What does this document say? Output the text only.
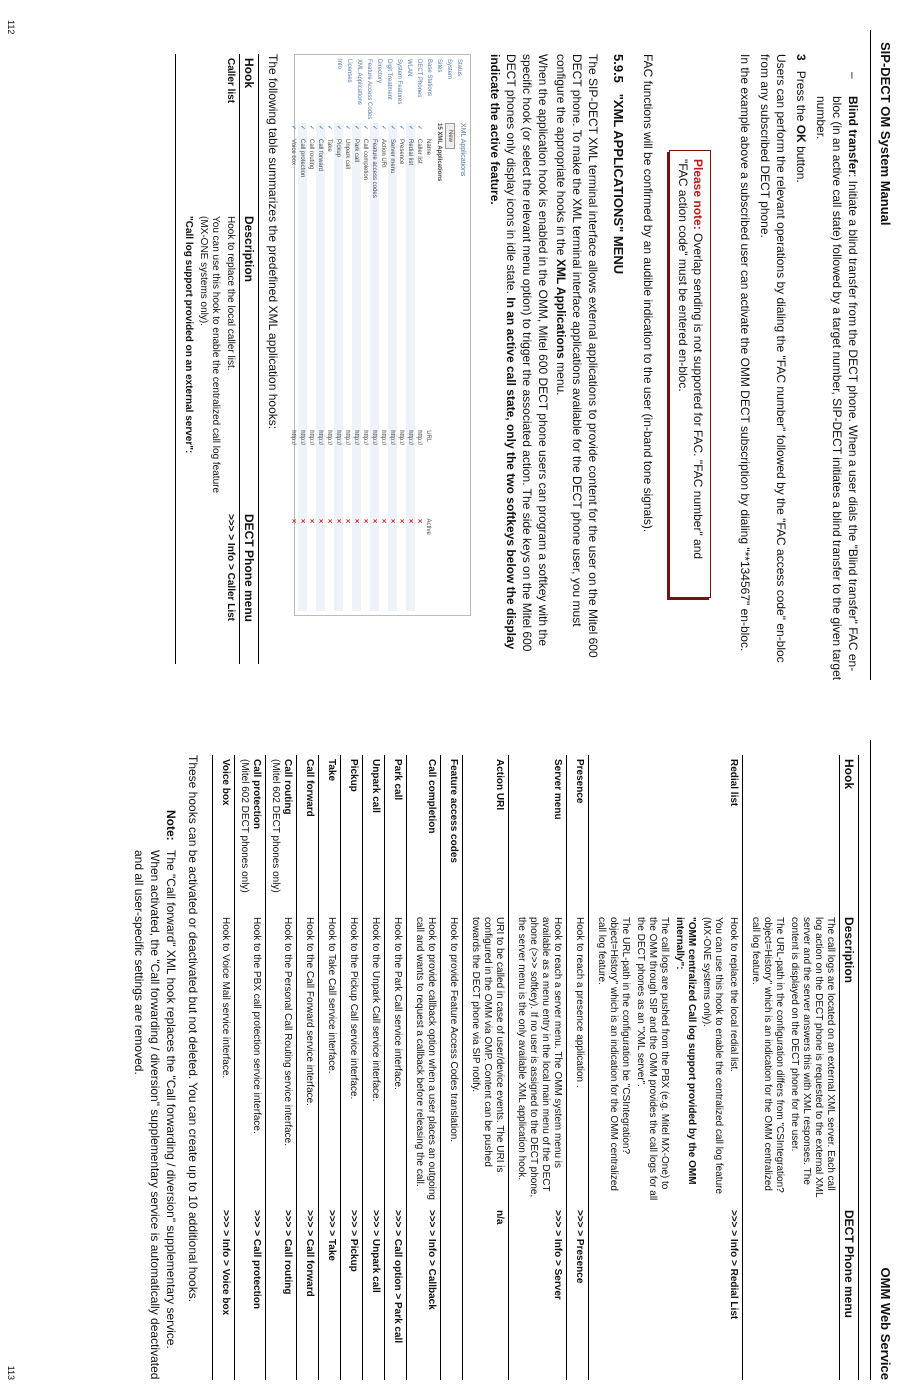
SIP-DECT OM System Manual
–
Blind transfer: Initiate a blind transfer from the DECT phone. When a user dials the "Blind transfer" FAC en-bloc (in an active call state) followed by a target number, SIP-DECT initiates a blind transfer to the given target number.
3   Press the OK button.
Users can perform the relevant operations by dialing the "FAC number" followed by the "FAC access code" en-bloc from any subscribed DECT phone.
In the example above a subscribed user can activate the OMM DECT subscription by dialing "**134567" en-bloc.
Please note: Overlap sending is not supported for FAC. "FAC number" and "FAC action code" must be entered en-bloc.
FAC functions will be confirmed by an audible indication to the user (in-band tone signals).
5.9.5   "XML APPLICATIONS" MENU
The SIP-DECT XML terminal interface allows external applications to provide content for the user on the Mitel 600 DECT phone. To make the XML terminal interface applications available for the DECT phone user, you must configure the appropriate hooks in the XML Applications menu.
When the application hook is enabled in the OMM, Mitel 600 DECT phone users can program a softkey with the specific hook (or select the relevant menu option) to trigger the associated action. The side keys on the Mitel 600 DECT phones only display icons in idle state. In an active call state, only the two softkeys below the display indicate the active feature.
Status
System
Sites
Base Stations
DECT Phones
WLAN
System Features
Digit Treatment
Directory
Feature Access Codes
XML Applications
Licenses
Info
XML Applications
New
15 XML Applications
	Name	URL	Active
✓	Caller list	http://	✕
✓	Redial list	http://	✕
✓	Presence	http://	✕
✓	Server menu	http://	✕
✓	Action URI	http://	✕
✓	Feature access codes	http://	✕
✓	Call completion	http://	✕
✓	Park call	http://	✕
✓	Unpark call	http://	✕
✓	Pickup	http://	✕
✓	Take	http://	✕
✓	Call forward	http://	✕
✓	Call routing	http://	✕
✓	Call protection	http://	✕
✓	Voice box	http://	✕
The following table summarizes the predefined XML application hooks:
Hook	Description	DECT Phone menu
Caller list	Hook to replace the local caller list.
You can use this hook to enable the centralized call log feature (MX-ONE systems only).
"Call log support provided on an external server":	>>> > Info > Caller List
112
OMM Web Service
Hook	Description	DECT Phone menu

	The call logs are located on an external XML server. Each call log action on the DECT phone is requested to the external XML server and the server answers this with XML responses. The content is displayed on the DECT phone for the user.
The URL-path in the configuration differs from "CSIntegration?object=History" which is an indication for the OMM centralized call log feature.	

Redial list	Hook to replace the local redial list.
You can use this hook to enable the centralized call log feature (MX-ONE systems only).
"OMM centralized Call log support provided by the OMM internally":
The call logs are pushed from the PBX (e.g. Mitel MX-One) to the OMM through SIP and the OMM provides the call logs for all the DECT phones as an "XML server".
The URL-path in the configuration be "CSIntegration?object=History" which is an indication for the OMM centralized call log feature.	>>> > Info > Redial List
Presence	Hook to reach a presence application .	>>> > Presence
Server menu	Hook to reach a server menu. The OMM system menu is available as a menu entry in the local main menu of the DECT phone (>>> softkey). If no user is assigned to the DECT phone, the server menu is the only available XML application hook.	>>> > Info > Server
Action URI	URI to be called in case of user/device events. The URI is configured in the OMM via OMP. Content can be pushed towards the DECT phone via SIP notify.	n/a
Feature access codes	Hook to provide Feature Access Codes translation.	

Call completion	Hook to provide callback option when a user places an outgoing call and wants to request a callback before releasing the call.	>>> > Info > Callback
Park call	Hook to the Park Call service interface.	>>> > Call option > Park call
Unpark call	Hook to the Unpark Call service interface.	>>> > Unpark call
Pickup	Hook to the Pickup Call service interface.	>>> > Pickup
Take	Hook to Take Call service interface.	>>> > Take
Call forward	Hook to the Call Forward service interface.	>>> > Call forward
Call routing
(Mitel 602 DECT phones only)	Hook to the Personal Call Routing service interface.	>>> > Call routing
Call protection
(Mitel 602 DECT phones only)	Hook to the PBX call protection service interface.	>>> > Call protection
Voice box	Hook to Voice Mail service interface.	>>> > Info > Voice box
These hooks can be activated or deactivated but not deleted. You can create up to 10 additional hooks.
Note:
The "Call forward" XML hook replaces the "Call forwarding / diversion" supplementary service. When activated, the "Call forwarding / diversion" supplementary service is automatically deactivated and all user-specific settings are removed.
113
